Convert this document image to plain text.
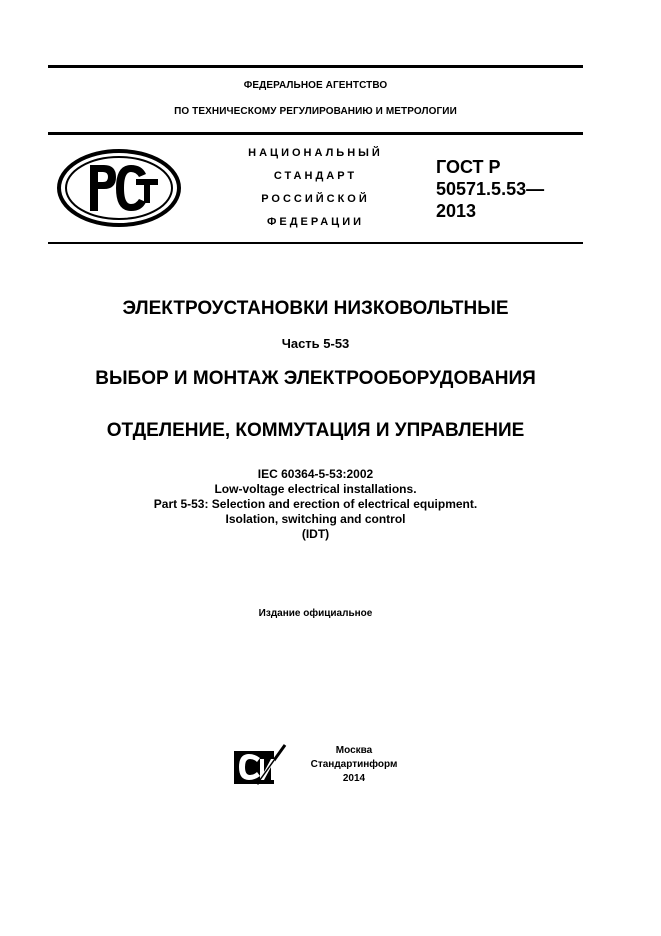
ФЕДЕРАЛЬНОЕ АГЕНТСТВО
ПО ТЕХНИЧЕСКОМУ РЕГУЛИРОВАНИЮ И МЕТРОЛОГИИ
НАЦИОНАЛЬНЫЙ
СТАНДАРТ
РОССИЙСКОЙ
ФЕДЕРАЦИИ
ГОСТ Р
50571.5.53—
2013
ЭЛЕКТРОУСТАНОВКИ НИЗКОВОЛЬТНЫЕ
Часть 5-53
ВЫБОР И МОНТАЖ ЭЛЕКТРООБОРУДОВАНИЯ
ОТДЕЛЕНИЕ, КОММУТАЦИЯ И УПРАВЛЕНИЕ
IEC 60364-5-53:2002
Low-voltage electrical installations.
Part 5-53: Selection and erection of electrical equipment.
Isolation, switching and control
(IDT)
Издание официальное
Москва
Стандартинформ
2014
